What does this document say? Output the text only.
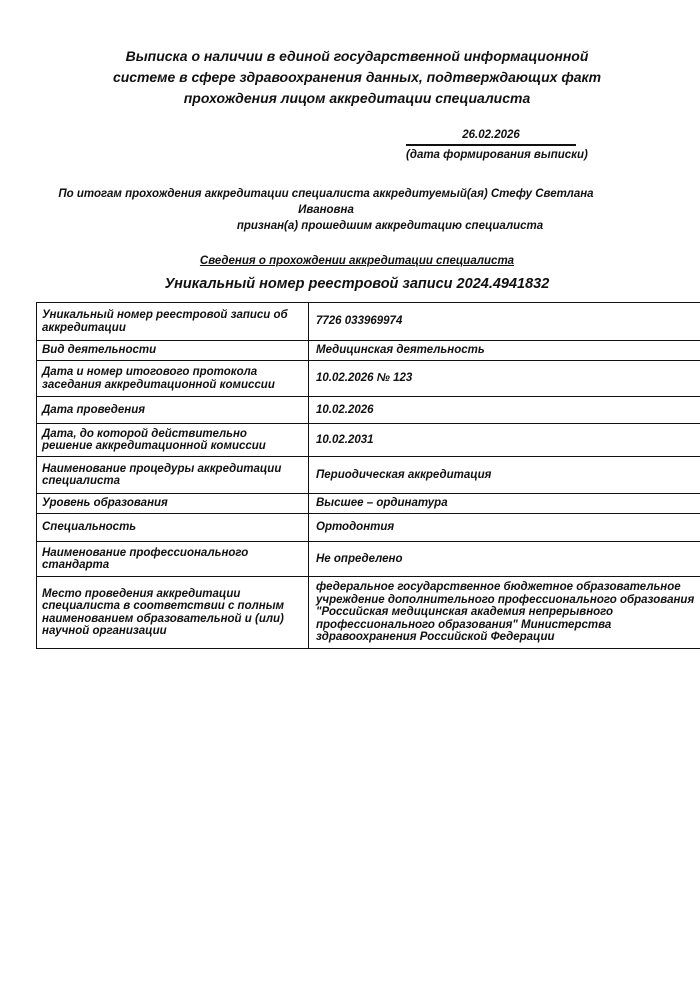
Выписка о наличии в единой государственной информационной
системе в сфере здравоохранения данных, подтверждающих факт
прохождения лицом аккредитации специалиста
26.02.2026
(дата формирования выписки)
По итогам прохождения аккредитации специалиста аккредитуемый(ая) Стефу Светлана Ивановна
признан(а) прошедшим аккредитацию специалиста
Сведения о прохождении аккредитации специалиста
Уникальный номер реестровой записи 2024.4941832
Уникальный номер реестровой записи об аккредитации	7726 033969974
Вид деятельности	Медицинская деятельность
Дата и номер итогового протокола заседания аккредитационной комиссии	10.02.2026 № 123
Дата проведения	10.02.2026
Дата, до которой действительно решение аккредитационной комиссии	10.02.2031
Наименование процедуры аккредитации специалиста	Периодическая аккредитация
Уровень образования	Высшее – ординатура
Специальность	Ортодонтия
Наименование профессионального стандарта	Не определено
Место проведения аккредитации специалиста в соответствии с полным наименованием образовательной и (или) научной организации	федеральное государственное бюджетное образовательное учреждение дополнительного профессионального образования "Российская медицинская академия непрерывного профессионального образования" Министерства здравоохранения Российской Федерации
